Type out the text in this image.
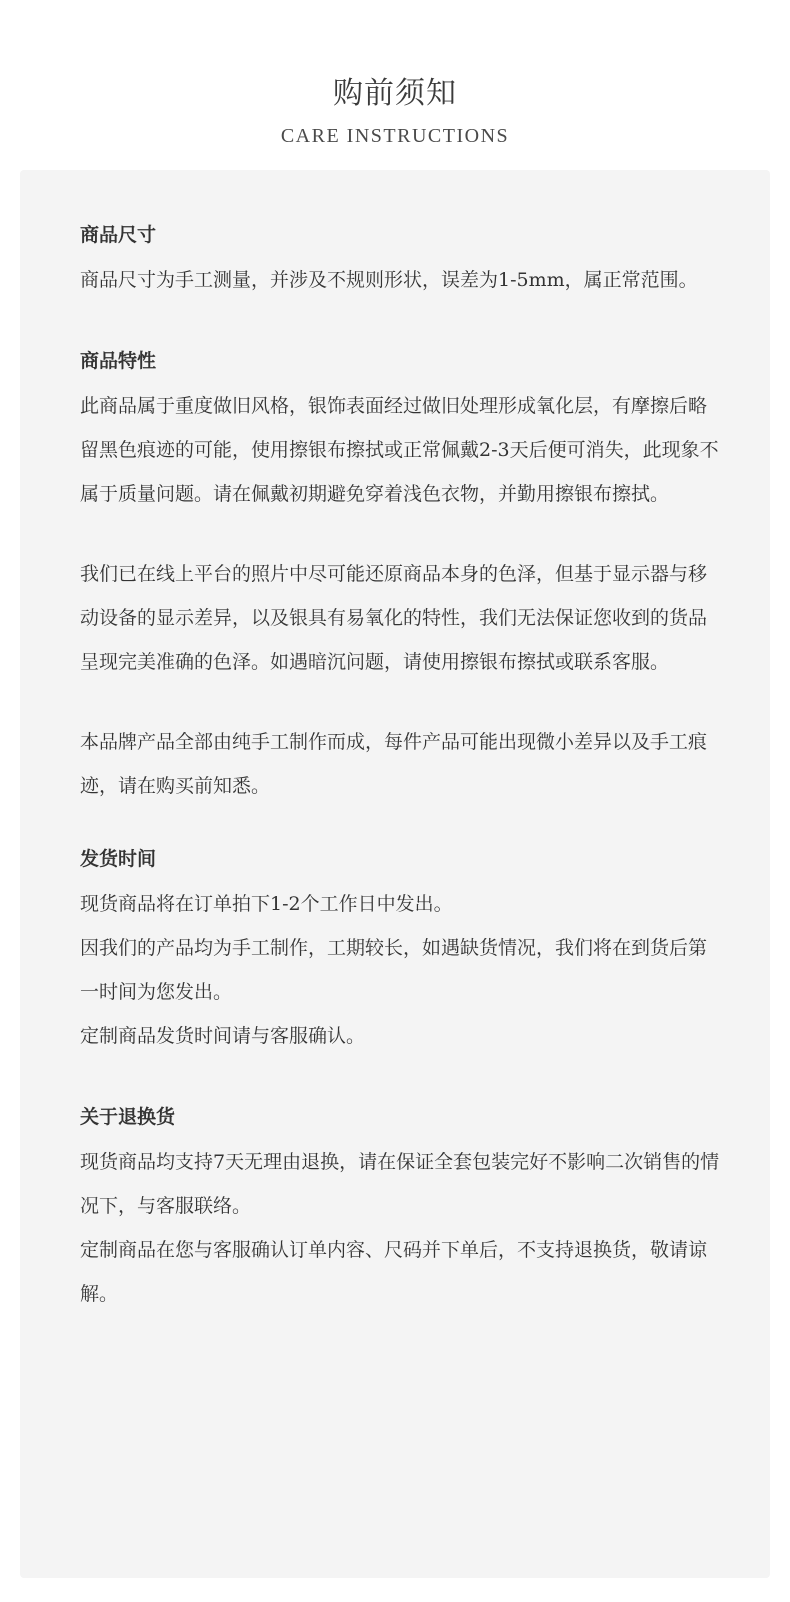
购前须知
CARE INSTRUCTIONS
商品尺寸

商品尺寸为手工测量，并涉及不规则形状，误差为1-5mm，属正常范围。

商品特性

此商品属于重度做旧风格，银饰表面经过做旧处理形成氧化层，有摩擦后略留黑色痕迹的可能，使用擦银布擦拭或正常佩戴2-3天后便可消失，此现象不属于质量问题。请在佩戴初期避免穿着浅色衣物，并勤用擦银布擦拭。

我们已在线上平台的照片中尽可能还原商品本身的色泽，但基于显示器与移动设备的显示差异，以及银具有易氧化的特性，我们无法保证您收到的货品呈现完美准确的色泽。如遇暗沉问题，请使用擦银布擦拭或联系客服。

本品牌产品全部由纯手工制作而成，每件产品可能出现微小差异以及手工痕迹，请在购买前知悉。

发货时间

现货商品将在订单拍下1-2个工作日中发出。

因我们的产品均为手工制作，工期较长，如遇缺货情况，我们将在到货后第一时间为您发出。

定制商品发货时间请与客服确认。

关于退换货

现货商品均支持7天无理由退换，请在保证全套包装完好不影响二次销售的情况下，与客服联络。

定制商品在您与客服确认订单内容、尺码并下单后，不支持退换货，敬请谅解。
